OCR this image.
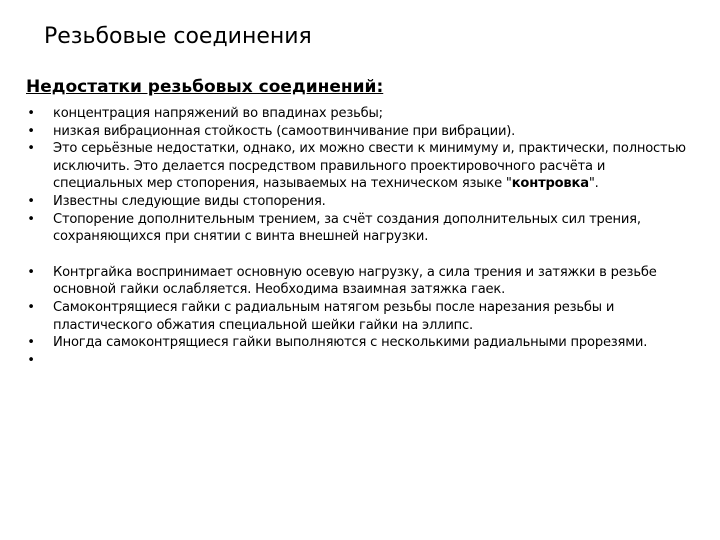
Резьбовые соединения
Недостатки резьбовых соединений:
• концентрация напряжений во впадинах резьбы;
• низкая вибрационная стойкость (самоотвинчивание при вибрации).
• Это серьёзные недостатки, однако, их можно свести к минимуму и, практически, полностью исключить. Это делается посредством правильного проектировочного расчёта и специальных мер стопорения, называемых на техническом языке "контровка".
• Известны следующие виды стопорения.
• Стопорение дополнительным трением, за счёт создания дополнительных сил трения, сохраняющихся при снятии с винта внешней нагрузки.
• Контргайка воспринимает основную осевую нагрузку, а сила трения и затяжки в резьбе основной гайки ослабляется. Необходима взаимная затяжка гаек.
• Самоконтрящиеся гайки с радиальным натягом резьбы после нарезания резьбы и пластического обжатия специальной шейки гайки на эллипс.
• Иногда самоконтрящиеся гайки выполняются с несколькими радиальными прорезями.
•
